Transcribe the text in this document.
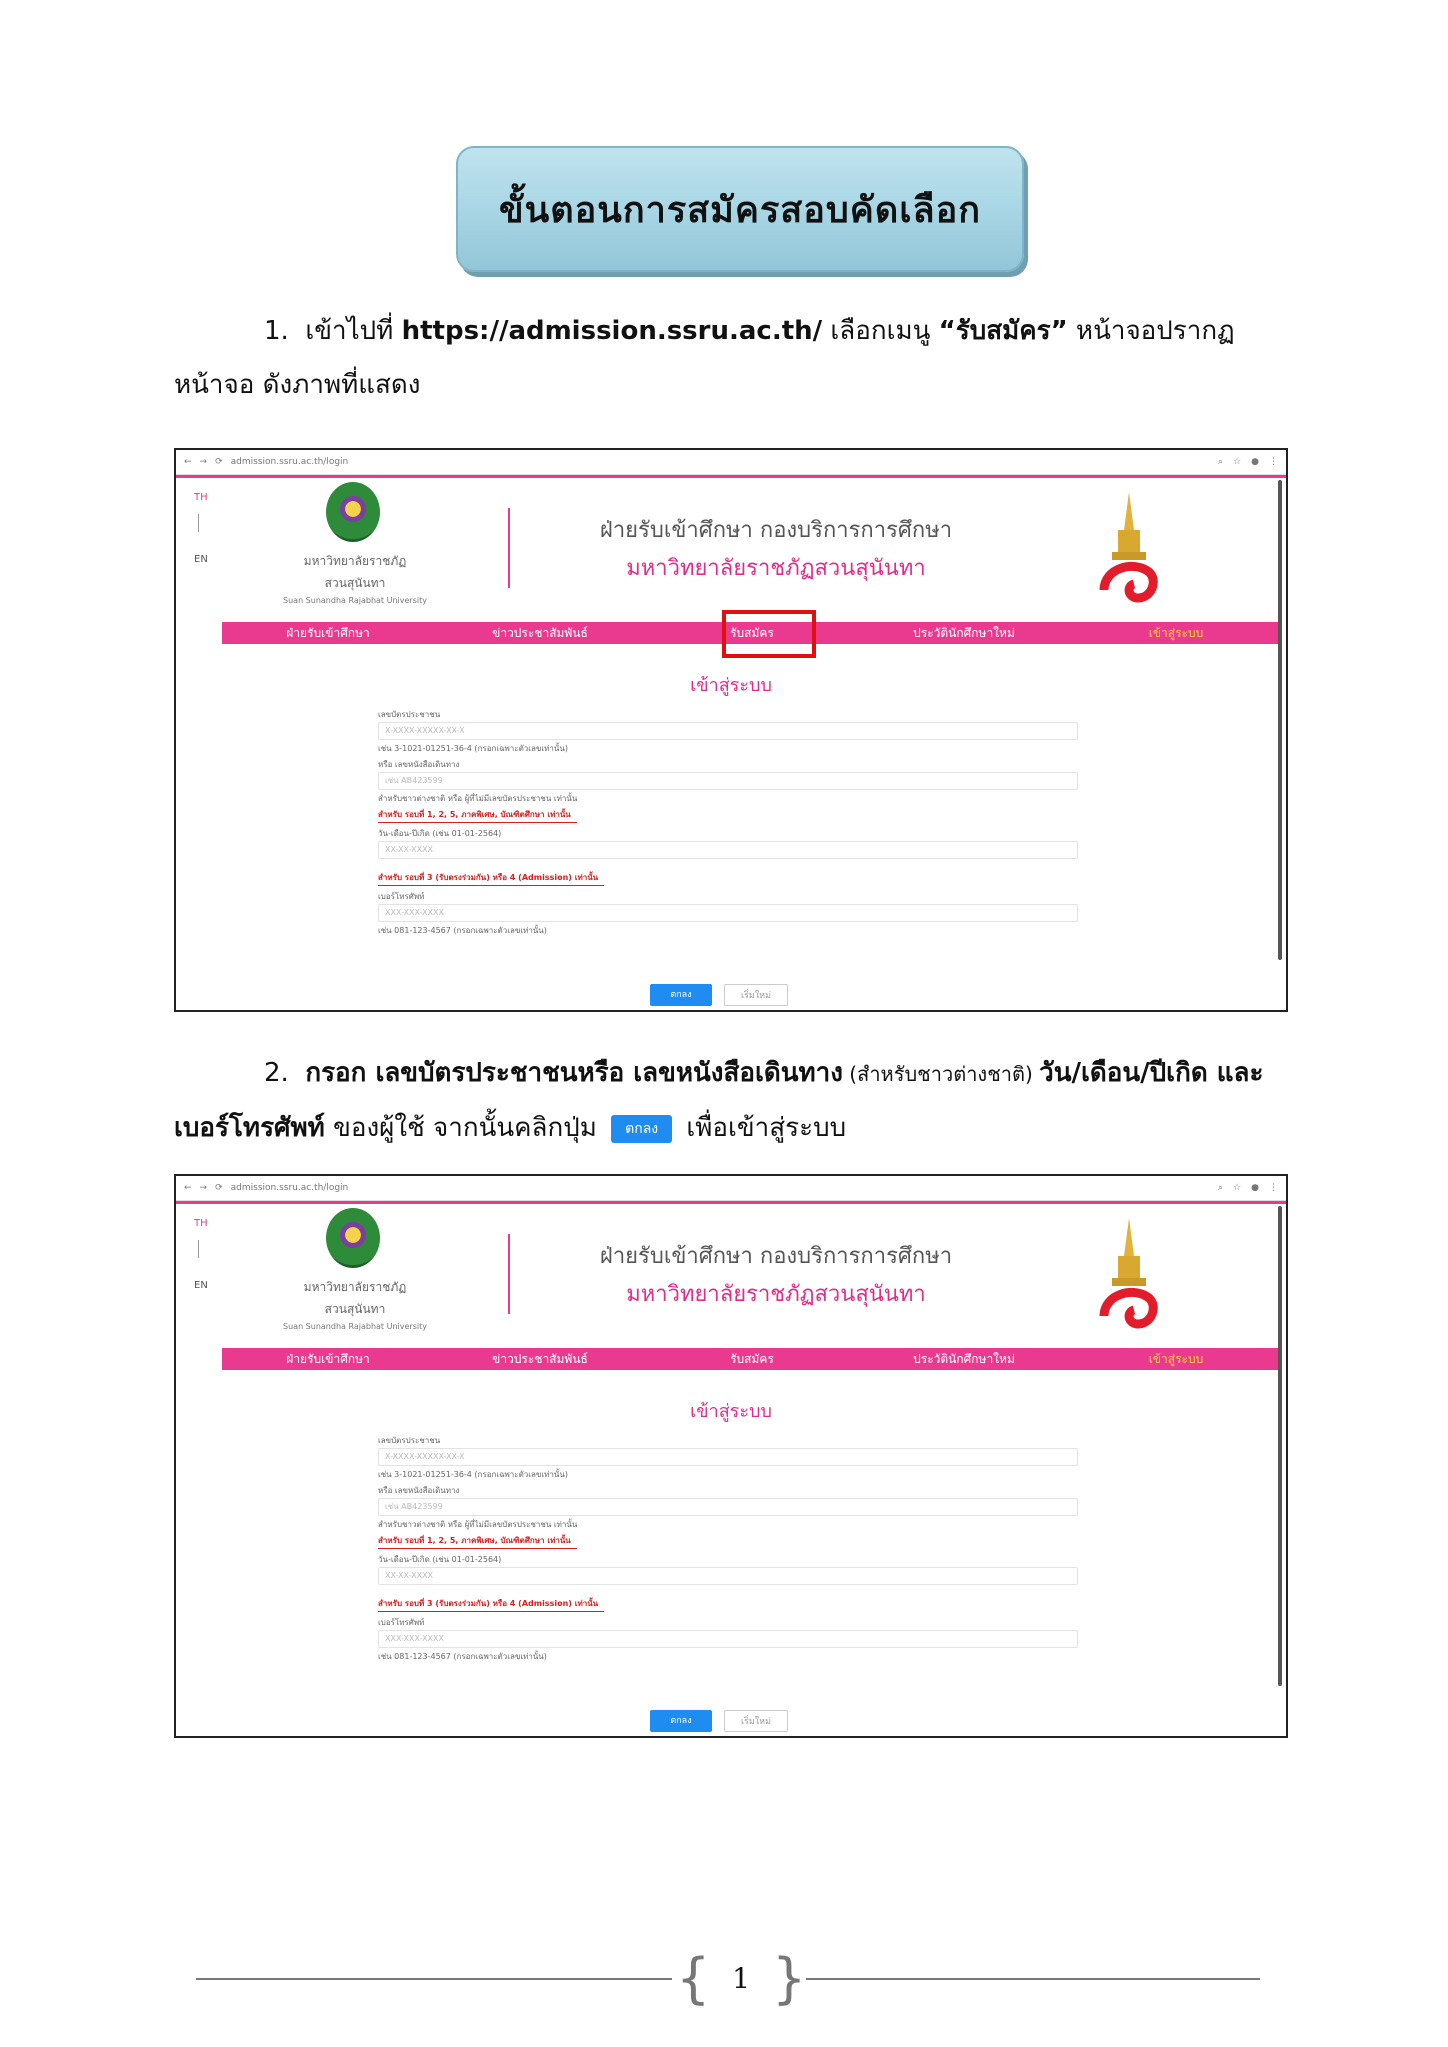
ขั้นตอนการสมัครสอบคัดเลือก
1. เข้าไปที่ https://admission.ssru.ac.th/ เลือกเมนู “รับสมัคร” หน้าจอปรากฏหน้าจอ ดังภาพที่แสดง
← → ⟳ admission.ssru.ac.th/login	⌕ ☆ ● ⋮
TH
EN	มหาวิทยาลัยราชภัฏ
สวนสุนันทา
Suan Sunandha Rajabhat University
ฝ่ายรับเข้าศึกษา กองบริการการศึกษา
มหาวิทยาลัยราชภัฏสวนสุนันทา
ฝ่ายรับเข้าศึกษา	ข่าวประชาสัมพันธ์	รับสมัคร	ประวัตินักศึกษาใหม่	เข้าสู่ระบบ
เข้าสู่ระบบ
เลขบัตรประชาชน
X-XXXX-XXXXX-XX-X
เช่น 3-1021-01251-36-4 (กรอกเฉพาะตัวเลขเท่านั้น)
หรือ เลขหนังสือเดินทาง
เช่น AB423599
สำหรับชาวต่างชาติ หรือ ผู้ที่ไม่มีเลขบัตรประชาชน เท่านั้น
สำหรับ รอบที่ 1, 2, 5, ภาคพิเศษ, บัณฑิตศึกษา เท่านั้น
วัน-เดือน-ปีเกิด (เช่น 01-01-2564)
XX-XX-XXXX
สำหรับ รอบที่ 3 (รับตรงร่วมกัน) หรือ 4 (Admission) เท่านั้น
เบอร์โทรศัพท์
XXX-XXX-XXXX
เช่น 081-123-4567 (กรอกเฉพาะตัวเลขเท่านั้น)
ตกลง	เริ่มใหม่
2. กรอก เลขบัตรประชาชนหรือ เลขหนังสือเดินทาง (สำหรับชาวต่างชาติ) วัน/เดือน/ปีเกิด และ เบอร์โทรศัพท์ ของผู้ใช้ จากนั้นคลิกปุ่ม ตกลง เพื่อเข้าสู่ระบบ
← → ⟳ admission.ssru.ac.th/login	⌕ ☆ ● ⋮
TH
EN	มหาวิทยาลัยราชภัฏ
สวนสุนันทา
Suan Sunandha Rajabhat University
ฝ่ายรับเข้าศึกษา กองบริการการศึกษา
มหาวิทยาลัยราชภัฏสวนสุนันทา
ฝ่ายรับเข้าศึกษา	ข่าวประชาสัมพันธ์	รับสมัคร	ประวัตินักศึกษาใหม่	เข้าสู่ระบบ
เข้าสู่ระบบ
เลขบัตรประชาชน
X-XXXX-XXXXX-XX-X
เช่น 3-1021-01251-36-4 (กรอกเฉพาะตัวเลขเท่านั้น)
หรือ เลขหนังสือเดินทาง
เช่น AB423599
สำหรับชาวต่างชาติ หรือ ผู้ที่ไม่มีเลขบัตรประชาชน เท่านั้น
สำหรับ รอบที่ 1, 2, 5, ภาคพิเศษ, บัณฑิตศึกษา เท่านั้น
วัน-เดือน-ปีเกิด (เช่น 01-01-2564)
XX-XX-XXXX
สำหรับ รอบที่ 3 (รับตรงร่วมกัน) หรือ 4 (Admission) เท่านั้น
เบอร์โทรศัพท์
XXX-XXX-XXXX
เช่น 081-123-4567 (กรอกเฉพาะตัวเลขเท่านั้น)
ตกลง	เริ่มใหม่
{ 1 }
